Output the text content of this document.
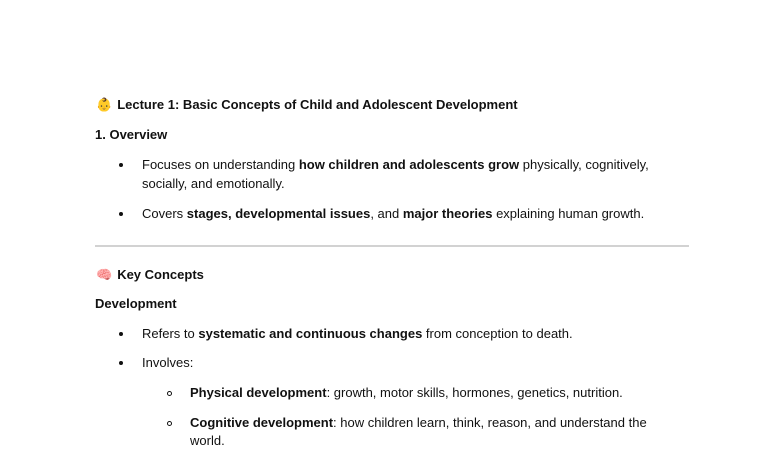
👶 Lecture 1: Basic Concepts of Child and Adolescent Development
1. Overview
Focuses on understanding how children and adolescents grow physically, cognitively,
socially, and emotionally.
Covers stages, developmental issues, and major theories explaining human growth.
🧠 Key Concepts
Development
Refers to systematic and continuous changes from conception to death.
Involves:
Physical development: growth, motor skills, hormones, genetics, nutrition.
Cognitive development: how children learn, think, reason, and understand the
world.
